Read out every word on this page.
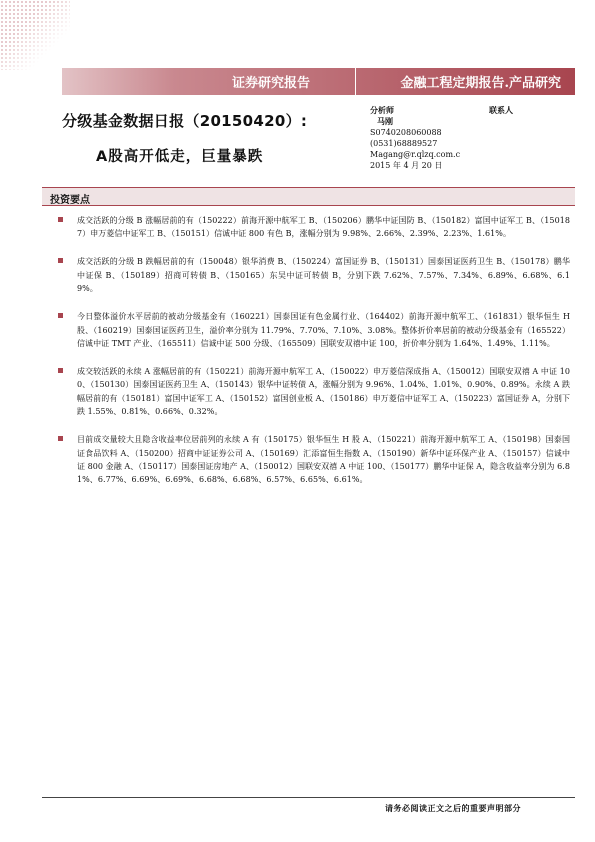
证券研究报告	金融工程定期报告.产品研究
分级基金数据日报（20150420）:
A股高开低走，巨量暴跌
分析师
马刚
S0740208060088
(0531)68889527
Magang@r.qlzq.com.c
2015 年 4 月 20 日
联系人
投资要点

成交活跃的分级 B 涨幅居前的有（150222）前海开源中航军工 B、（150206）鹏华中证国防 B、（150182）富国中证军工 B、（150187）申万菱信中证军工 B、（150151）信诚中证 800 有色 B，涨幅分别为 9.98%、2.66%、2.39%、2.23%、1.61%。

成交活跃的分级 B 跌幅居前的有（150048）银华消费 B、（150224）富国证券 B、（150131）国泰国证医药卫生 B、（150178）鹏华中证保 B、（150189）招商可转债 B、（150165）东吴中证可转债 B，分别下跌 7.62%、7.57%、7.34%、6.89%、6.68%、6.19%。

今日整体溢价水平居前的被动分级基金有（160221）国泰国证有色金属行业、（164402）前海开源中航军工、（161831）银华恒生 H 股、（160219）国泰国证医药卫生，溢价率分别为 11.79%、7.70%、7.10%、3.08%。整体折价率居前的被动分级基金有（165522）信诚中证 TMT 产业、（165511）信诚中证 500 分级、（165509）国联安双禧中证 100，折价率分别为 1.64%、1.49%、1.11%。

成交较活跃的永续 A 涨幅居前的有（150221）前海开源中航军工 A、（150022）申万菱信深成指 A、（150012）国联安双禧 A 中证 100、（150130）国泰国证医药卫生 A、（150143）银华中证转债 A，涨幅分别为 9.96%、1.04%、1.01%、0.90%、0.89%。永续 A 跌幅居前的有（150181）富国中证军工 A、（150152）富国创业板 A、（150186）申万菱信中证军工 A、（150223）富国证券 A，分别下跌 1.55%、0.81%、0.66%、0.32%。

目前成交量较大且隐含收益率位居前列的永续 A 有（150175）银华恒生 H 股 A、（150221）前海开源中航军工 A、（150198）国泰国证食品饮料 A、（150200）招商中证证券公司 A、（150169）汇添富恒生指数 A、（150190）新华中证环保产业 A、（150157）信诚中证 800 金融 A、（150117）国泰国证房地产 A、（150012）国联安双禧 A 中证 100、（150177）鹏华中证保 A，隐含收益率分别为 6.81%、6.77%、6.69%、6.69%、6.68%、6.68%、6.57%、6.65%、6.61%。

请务必阅读正文之后的重要声明部分
